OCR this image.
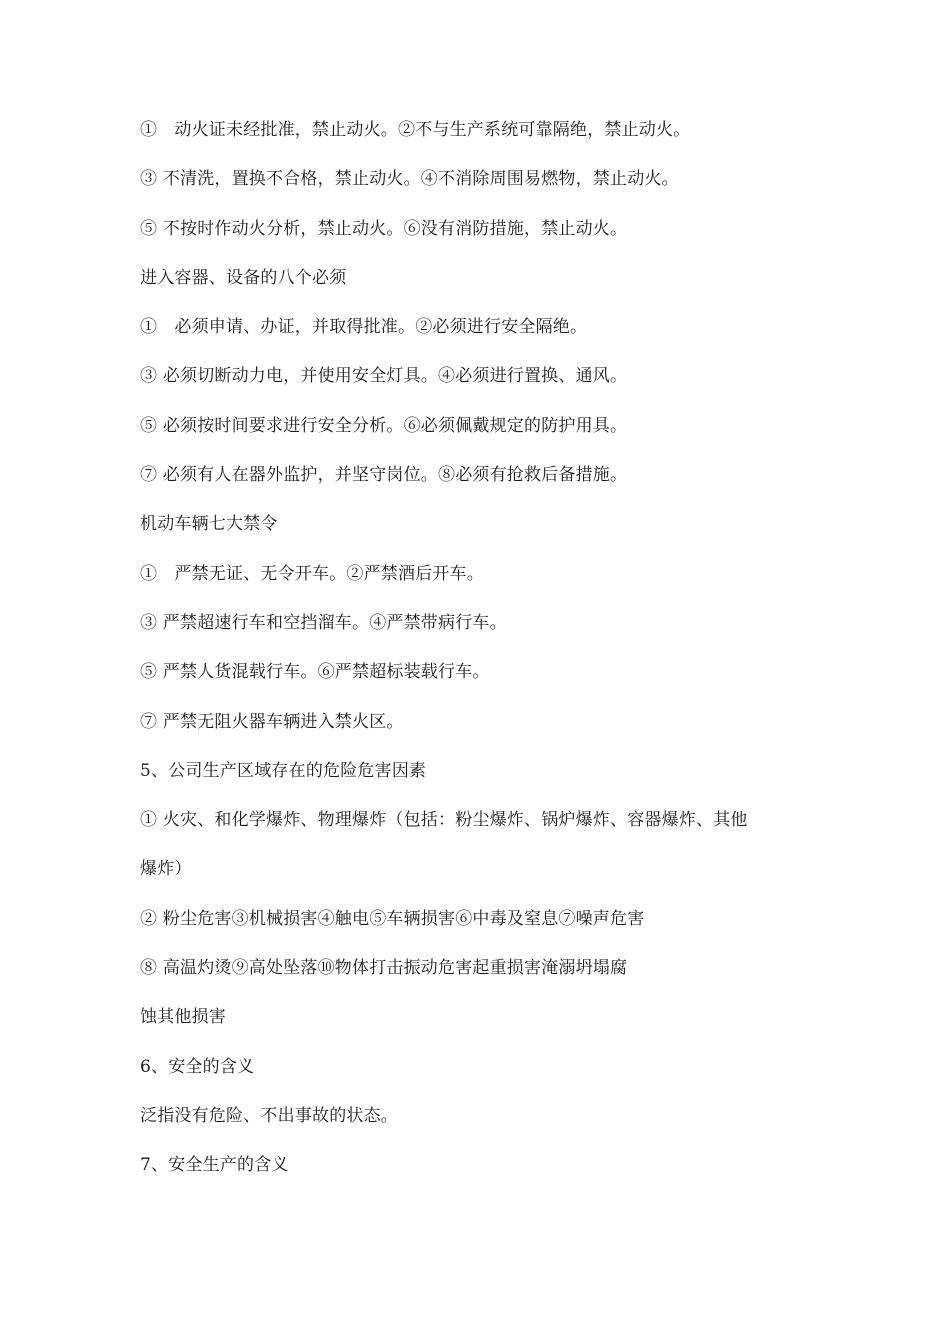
①　动火证未经批准，禁止动火。②不与生产系统可靠隔绝，禁止动火。
③ 不清洗，置换不合格，禁止动火。④不消除周围易燃物，禁止动火。
⑤ 不按时作动火分析，禁止动火。⑥没有消防措施，禁止动火。
进入容器、设备的八个必须
①　必须申请、办证，并取得批准。②必须进行安全隔绝。
③ 必须切断动力电，并使用安全灯具。④必须进行置换、通风。
⑤ 必须按时间要求进行安全分析。⑥必须佩戴规定的防护用具。
⑦ 必须有人在器外监护，并坚守岗位。⑧必须有抢救后备措施。
机动车辆七大禁令
①　严禁无证、无令开车。②严禁酒后开车。
③ 严禁超速行车和空挡溜车。④严禁带病行车。
⑤ 严禁人货混载行车。⑥严禁超标装载行车。
⑦ 严禁无阻火器车辆进入禁火区。
5、公司生产区域存在的危险危害因素
① 火灾、和化学爆炸、物理爆炸（包括：粉尘爆炸、锅炉爆炸、容器爆炸、其他
爆炸）
② 粉尘危害③机械损害④触电⑤车辆损害⑥中毒及窒息⑦噪声危害
⑧ 高温灼烫⑨高处坠落⑩物体打击振动危害起重损害淹溺坍塌腐
蚀其他损害
6、安全的含义
泛指没有危险、不出事故的状态。
7、安全生产的含义
